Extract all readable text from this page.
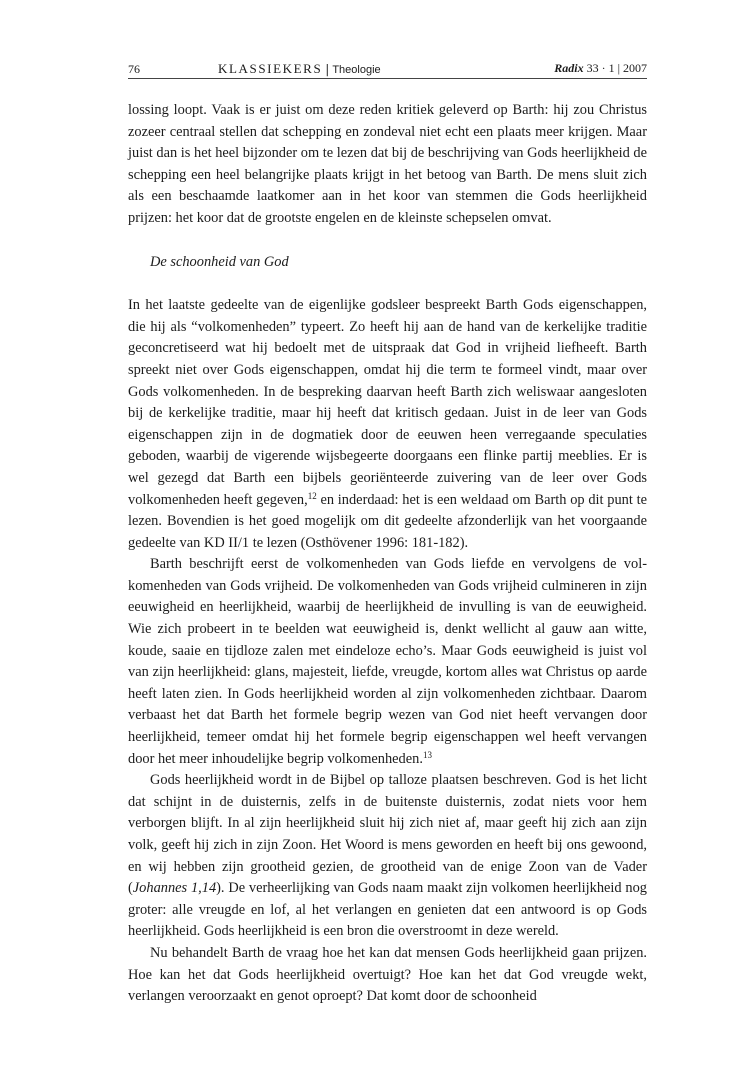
76	KLASSIEKERS | Theologie	Radix 33 · 1 | 2007

lossing loopt. Vaak is er juist om deze reden kritiek geleverd op Barth: hij zou Christus zozeer centraal stellen dat schepping en zondeval niet echt een plaats meer krijgen. Maar juist dan is het heel bijzonder om te lezen dat bij de beschrijving van Gods heerlijkheid de schepping een heel belangrijke plaats krijgt in het betoog van Barth. De mens sluit zich als een beschaamde laatkomer aan in het koor van stemmen die Gods heerlijkheid prijzen: het koor dat de grootste engelen en de kleinste schepselen omvat.

De schoonheid van God

In het laatste gedeelte van de eigenlijke godsleer bespreekt Barth Gods eigenschappen, die hij als “volkomenheden” typeert. Zo heeft hij aan de hand van de kerkelijke traditie geconcretiseerd wat hij bedoelt met de uitspraak dat God in vrijheid liefheeft. Barth spreekt niet over Gods eigenschappen, omdat hij die term te formeel vindt, maar over Gods volkomenheden. In de bespreking daarvan heeft Barth zich weliswaar aangesloten bij de kerkelijke traditie, maar hij heeft dat kritisch gedaan. Juist in de leer van Gods eigenschappen zijn in de dogmatiek door de eeuwen heen verregaande speculaties geboden, waarbij de vigerende wijsbegeerte doorgaans een flinke partij meeblies. Er is wel gezegd dat Barth een bijbels georiënteerde zuivering van de leer over Gods volkomenheden heeft gegeven,$^{12}$ en inderdaad: het is een weldaad om Barth op dit punt te lezen. Bovendien is het goed mogelijk om dit gedeelte afzonderlijk van het voorgaande gedeelte van KD II/1 te lezen (Osthövener 1996: 181-182).

Barth beschrijft eerst de volkomenheden van Gods liefde en vervolgens de volkomenheden van Gods vrijheid. De volkomenheden van Gods vrijheid culmineren in zijn eeuwigheid en heerlijkheid, waarbij de heerlijkheid de invulling is van de eeuwigheid. Wie zich probeert in te beelden wat eeuwigheid is, denkt wellicht al gauw aan witte, koude, saaie en tijdloze zalen met eindeloze echo’s. Maar Gods eeuwigheid is juist vol van zijn heerlijkheid: glans, majesteit, liefde, vreugde, kortom alles wat Christus op aarde heeft laten zien. In Gods heerlijkheid worden al zijn volkomenheden zichtbaar. Daarom verbaast het dat Barth het formele begrip wezen van God niet heeft vervangen door heerlijkheid, temeer omdat hij het formele begrip eigenschappen wel heeft vervangen door het meer inhoudelijke begrip volkomenheden.$^{13}$

Gods heerlijkheid wordt in de Bijbel op talloze plaatsen beschreven. God is het licht dat schijnt in de duisternis, zelfs in de buitenste duisternis, zodat niets voor hem verborgen blijft. In al zijn heerlijkheid sluit hij zich niet af, maar geeft hij zich aan zijn volk, geeft hij zich in zijn Zoon. Het Woord is mens geworden en heeft bij ons gewoond, en wij hebben zijn grootheid gezien, de grootheid van de enige Zoon van de Vader (Johannes 1,14). De verheerlijking van Gods naam maakt zijn volkomen heerlijkheid nog groter: alle vreugde en lof, al het verlangen en genieten dat een antwoord is op Gods heerlijkheid. Gods heerlijkheid is een bron die overstroomt in deze wereld.

Nu behandelt Barth de vraag hoe het kan dat mensen Gods heerlijkheid gaan prijzen. Hoe kan het dat Gods heerlijkheid overtuigt? Hoe kan het dat God vreugde wekt, verlangen veroorzaakt en genot oproept? Dat komt door de schoonheid
